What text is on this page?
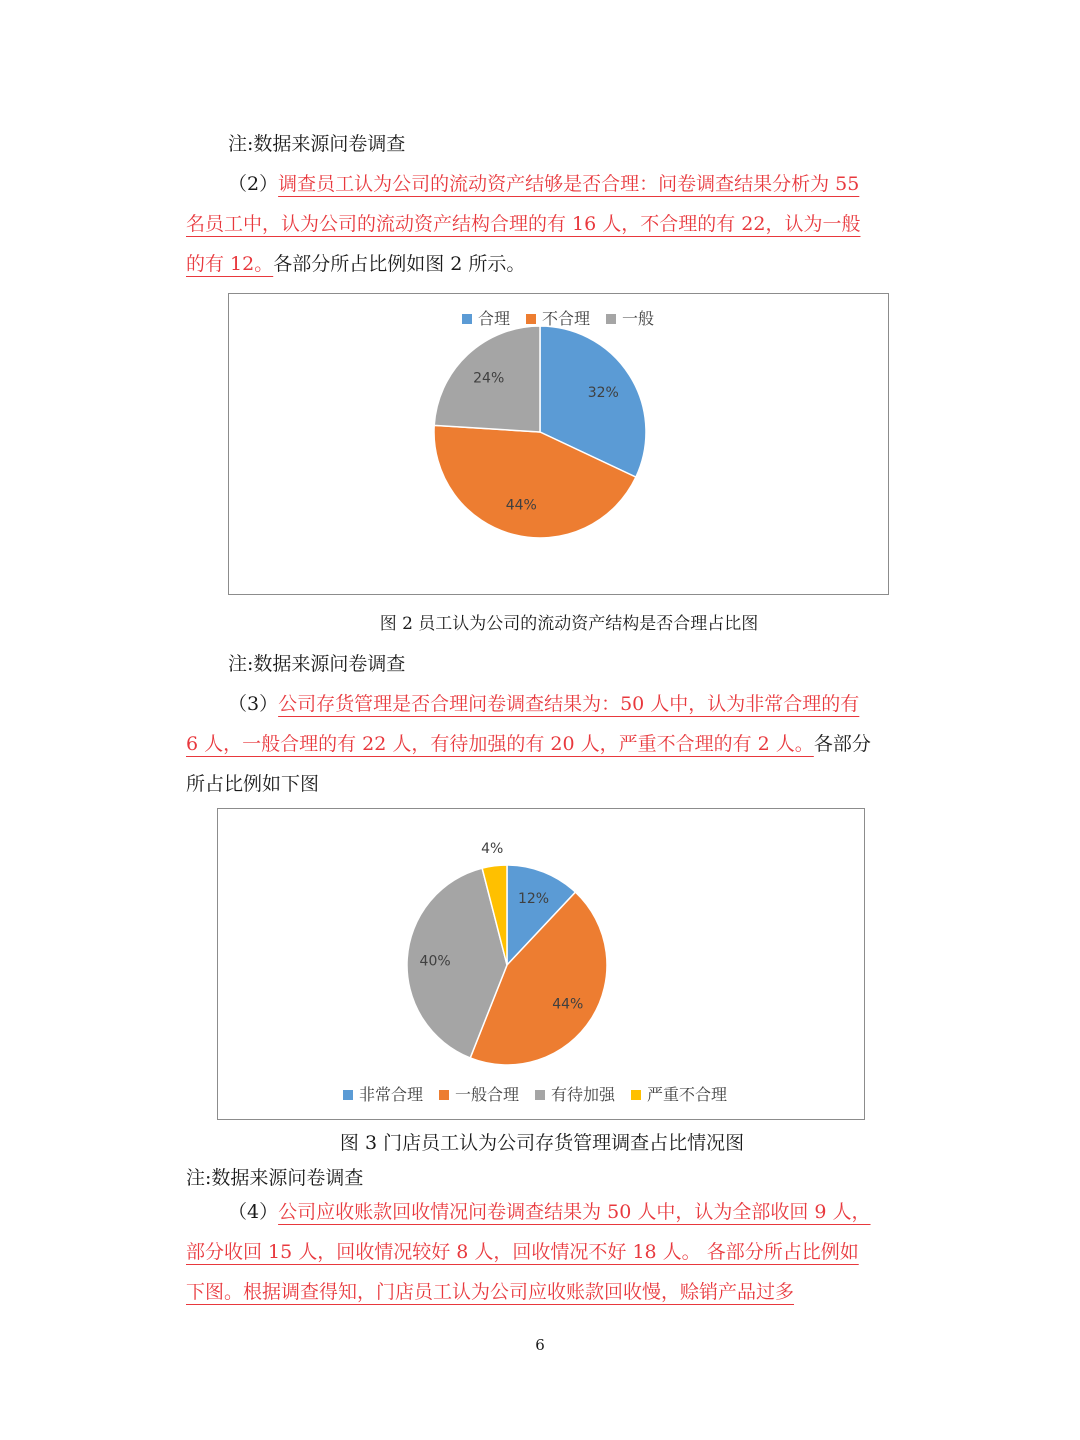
注:数据来源问卷调查

（2）调查员工认为公司的流动资产结够是否合理：问卷调查结果分析为 55

名员工中，认为公司的流动资产结构合理的有 16 人，不合理的有 22，认为一般

的有 12。各部分所占比例如图 2 所示。

32%
44%
24%
合理 不合理 一般

图 2 员工认为公司的流动资产结构是否合理占比图

注:数据来源问卷调查

（3）公司存货管理是否合理问卷调查结果为：50 人中，认为非常合理的有

6 人，一般合理的有 22 人，有待加强的有 20 人，严重不合理的有 2 人。各部分

所占比例如下图

12%
44%
40%
4%
非常合理 一般合理 有待加强 严重不合理

图 3 门店员工认为公司存货管理调查占比情况图

注:数据来源问卷调查

（4）公司应收账款回收情况问卷调查结果为 50 人中，认为全部收回 9 人，

部分收回 15 人，回收情况较好 8 人，回收情况不好 18 人。 各部分所占比例如

下图。根据调查得知，门店员工认为公司应收账款回收慢，赊销产品过多

6
